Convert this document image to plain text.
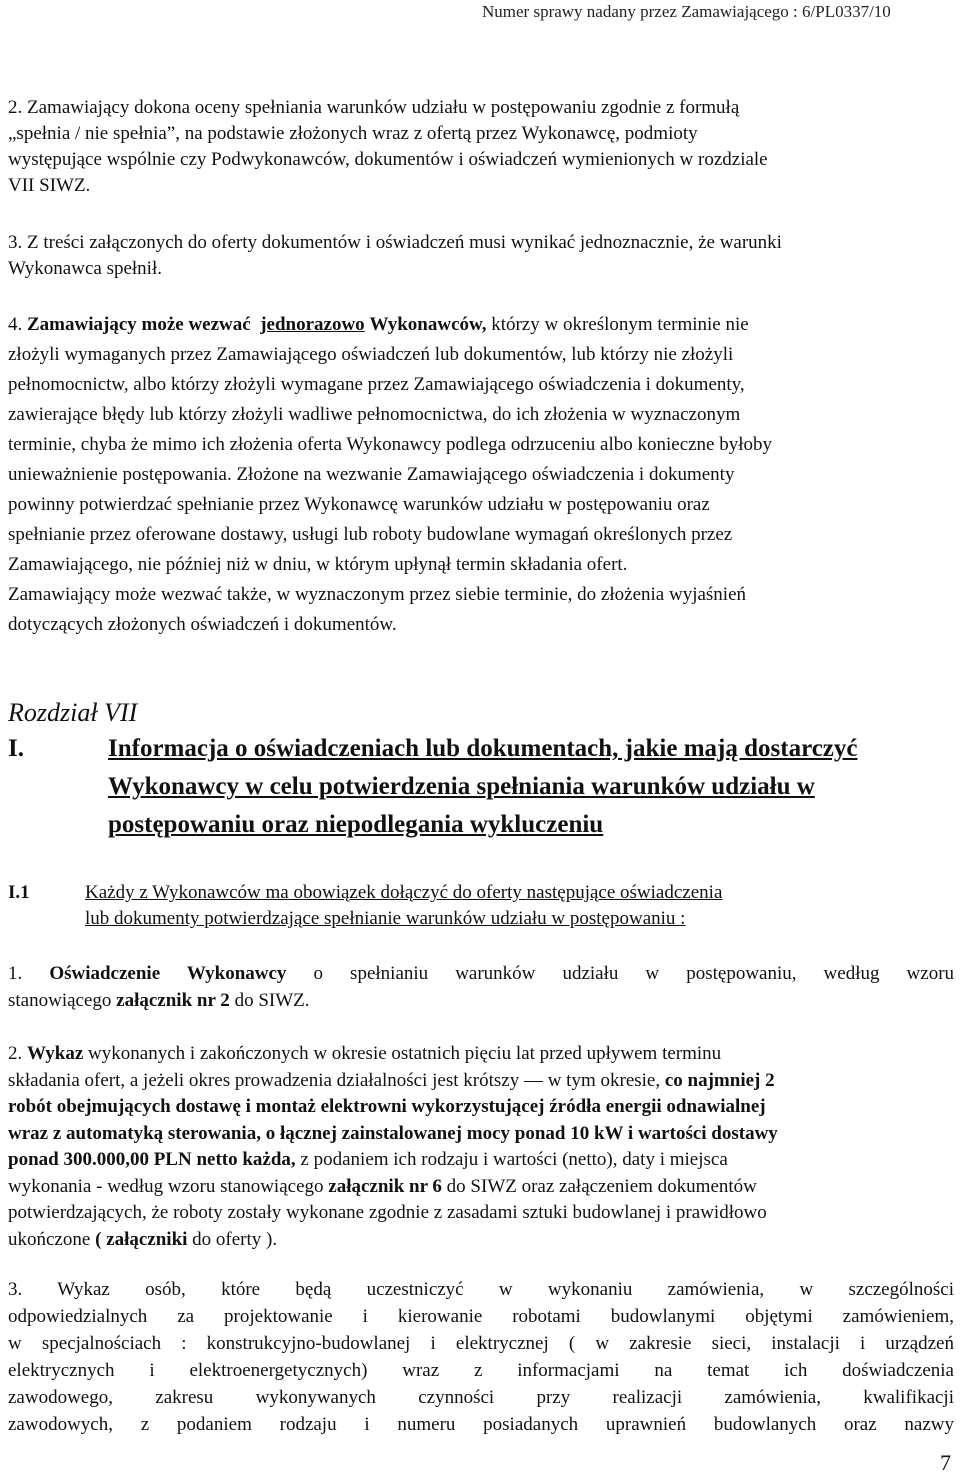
Numer sprawy nadany przez Zamawiającego : 6/PL0337/10
2. Zamawiający dokona oceny spełniania warunków udziału w postępowaniu zgodnie z formułą
„spełnia / nie spełnia”, na podstawie złożonych wraz z ofertą przez Wykonawcę, podmioty
występujące wspólnie czy Podwykonawców, dokumentów i oświadczeń wymienionych w rozdziale
VII SIWZ.
3. Z treści załączonych do oferty dokumentów i oświadczeń musi wynikać jednoznacznie, że warunki
Wykonawca spełnił.
4. Zamawiający może wezwać jednorazowo Wykonawców, którzy w określonym terminie nie
złożyli wymaganych przez Zamawiającego oświadczeń lub dokumentów, lub którzy nie złożyli
pełnomocnictw, albo którzy złożyli wymagane przez Zamawiającego oświadczenia i dokumenty,
zawierające błędy lub którzy złożyli wadliwe pełnomocnictwa, do ich złożenia w wyznaczonym
terminie, chyba że mimo ich złożenia oferta Wykonawcy podlega odrzuceniu albo konieczne byłoby
unieważnienie postępowania. Złożone na wezwanie Zamawiającego oświadczenia i dokumenty
powinny potwierdzać spełnianie przez Wykonawcę warunków udziału w postępowaniu oraz
spełnianie przez oferowane dostawy, usługi lub roboty budowlane wymagań określonych przez
Zamawiającego, nie później niż w dniu, w którym upłynął termin składania ofert.
Zamawiający może wezwać także, w wyznaczonym przez siebie terminie, do złożenia wyjaśnień
dotyczących złożonych oświadczeń i dokumentów.
Rozdział VII
I.	Informacja o oświadczeniach lub dokumentach, jakie mają dostarczyć
Wykonawcy w celu potwierdzenia spełniania warunków udziału w
postępowaniu oraz niepodlegania wykluczeniu
I.1	Każdy z Wykonawców ma obowiązek dołączyć do oferty następujące oświadczenia
lub dokumenty potwierdzające spełnianie warunków udziału w postępowaniu :
1. Oświadczenie Wykonawcy o spełnianiu warunków udziału w postępowaniu, według wzoru
stanowiącego załącznik nr 2 do SIWZ.
2. Wykaz wykonanych i zakończonych w okresie ostatnich pięciu lat przed upływem terminu
składania ofert, a jeżeli okres prowadzenia działalności jest krótszy — w tym okresie, co najmniej 2
robót obejmujących dostawę i montaż elektrowni wykorzystującej źródła energii odnawialnej
wraz z automatyką sterowania, o łącznej zainstalowanej mocy ponad 10 kW i wartości dostawy
ponad 300.000,00 PLN netto każda, z podaniem ich rodzaju i wartości (netto), daty i miejsca
wykonania - według wzoru stanowiącego załącznik nr 6 do SIWZ oraz załączeniem dokumentów
potwierdzających, że roboty zostały wykonane zgodnie z zasadami sztuki budowlanej i prawidłowo
ukończone ( załączniki do oferty ).
3. Wykaz osób, które będą uczestniczyć w wykonaniu zamówienia, w szczególności
odpowiedzialnych za projektowanie i kierowanie robotami budowlanymi objętymi zamówieniem,
w specjalnościach : konstrukcyjno-budowlanej i elektrycznej ( w zakresie sieci, instalacji i urządzeń
elektrycznych i elektroenergetycznych) wraz z informacjami na temat ich doświadczenia
zawodowego, zakresu wykonywanych czynności przy realizacji zamówienia, kwalifikacji
zawodowych, z podaniem rodzaju i numeru posiadanych uprawnień budowlanych oraz nazwy
7
